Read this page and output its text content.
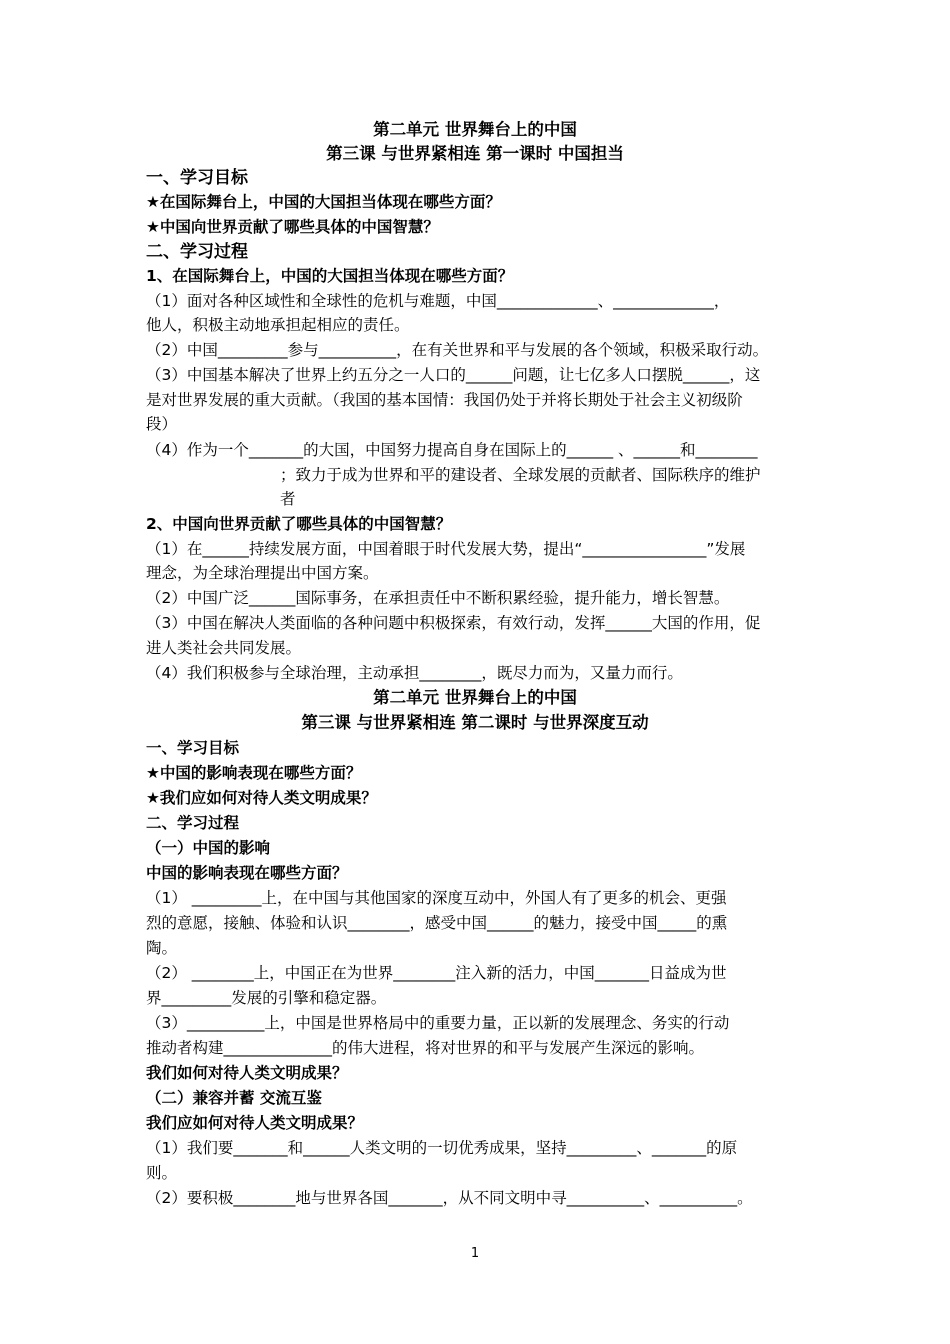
第二单元 世界舞台上的中国
第三课 与世界紧相连 第一课时 中国担当
一、学习目标
★在国际舞台上，中国的大国担当体现在哪些方面？
★中国向世界贡献了哪些具体的中国智慧？
二、学习过程
1、在国际舞台上，中国的大国担当体现在哪些方面？
（1）面对各种区域性和全球性的危机与难题，中国_____________、_____________，
他人，积极主动地承担起相应的责任。
（2）中国_________参与__________，在有关世界和平与发展的各个领域，积极采取行动。
（3）中国基本解决了世界上约五分之一人口的______问题，让七亿多人口摆脱______，这
是对世界发展的重大贡献。（我国的基本国情：我国仍处于并将长期处于社会主义初级阶
段）
（4）作为一个_______的大国，中国努力提高自身在国际上的______ 、______和________
；致力于成为世界和平的建设者、全球发展的贡献者、国际秩序的维护
者
2、中国向世界贡献了哪些具体的中国智慧？
（1）在______持续发展方面，中国着眼于时代发展大势，提出“________________”发展
理念，为全球治理提出中国方案。
（2）中国广泛______国际事务，在承担责任中不断积累经验，提升能力，增长智慧。
（3）中国在解决人类面临的各种问题中积极探索，有效行动，发挥______大国的作用，促
进人类社会共同发展。
（4）我们积极参与全球治理，主动承担________，既尽力而为，又量力而行。
第二单元 世界舞台上的中国
第三课 与世界紧相连 第二课时 与世界深度互动
一、学习目标
★中国的影响表现在哪些方面？
★我们应如何对待人类文明成果？
二、学习过程
（一）中国的影响
中国的影响表现在哪些方面？
（1） _________上，在中国与其他国家的深度互动中，外国人有了更多的机会、更强
烈的意愿，接触、体验和认识________，感受中国______的魅力，接受中国_____的熏
陶。
（2） ________上，中国正在为世界________注入新的活力，中国_______日益成为世
界_________发展的引擎和稳定器。
（3）__________上，中国是世界格局中的重要力量，正以新的发展理念、务实的行动
推动者构建______________的伟大进程，将对世界的和平与发展产生深远的影响。
我们如何对待人类文明成果？
（二）兼容并蓄 交流互鉴
我们应如何对待人类文明成果？
（1）我们要_______和______人类文明的一切优秀成果，坚持_________、_______的原
则。
（2）要积极________地与世界各国_______，从不同文明中寻__________、__________。
1
